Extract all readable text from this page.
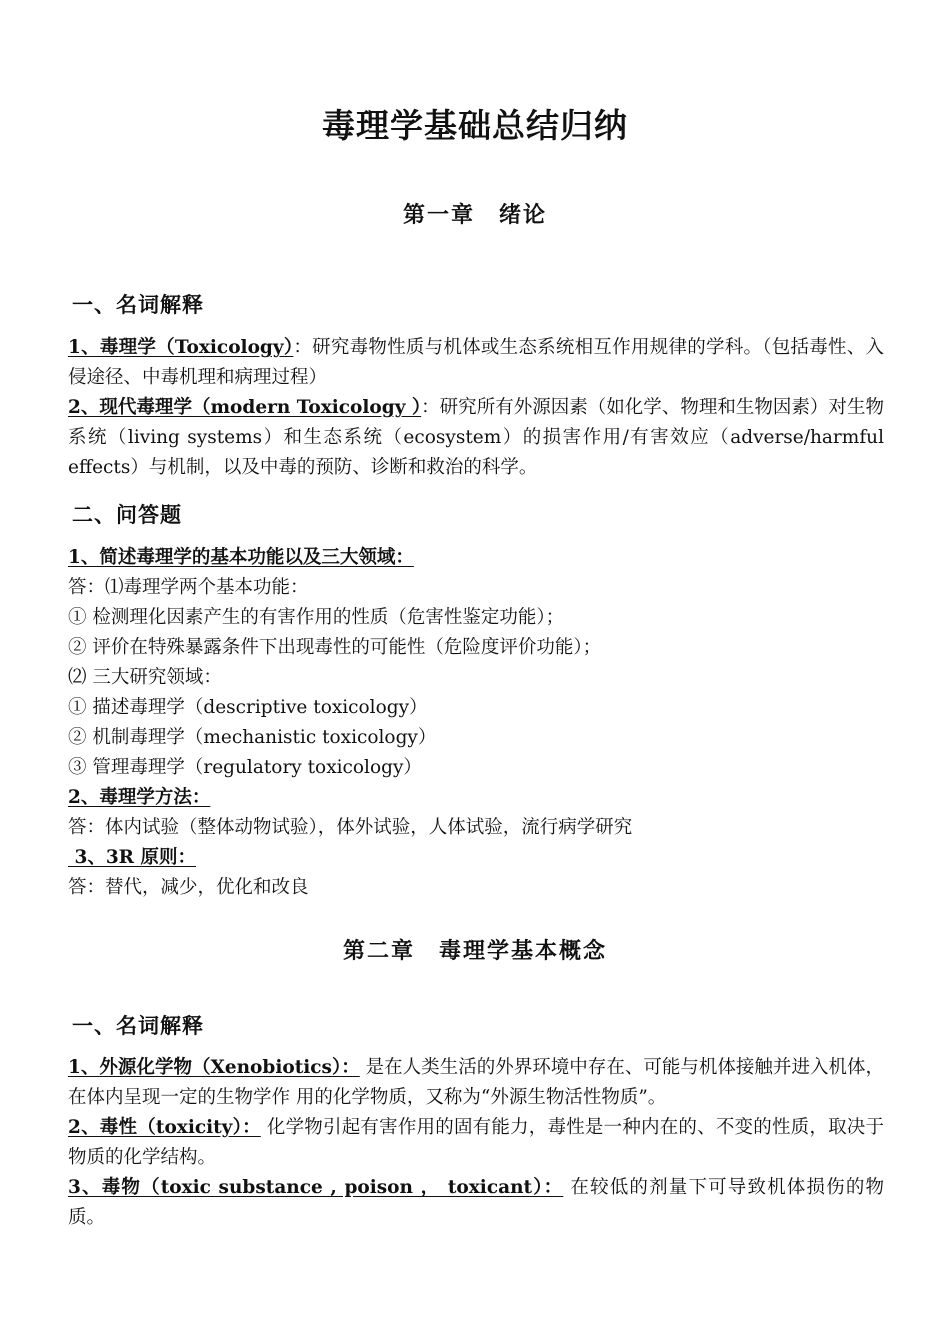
毒理学基础总结归纳
第一章　绪论
一、名词解释

1、毒理学（Toxicology）：研究毒物性质与机体或生态系统相互作用规律的学科。（包括毒性、入侵途径、中毒机理和病理过程）

2、现代毒理学（modern Toxicology ）：研究所有外源因素（如化学、物理和生物因素）对生物系统（living systems）和生态系统（ecosystem）的损害作用/有害效应（adverse/harmful effects）与机制，以及中毒的预防、诊断和救治的科学。

二、问答题

1、简述毒理学的基本功能以及三大领域：

答：⑴毒理学两个基本功能：

① 检测理化因素产生的有害作用的性质（危害性鉴定功能）；

② 评价在特殊暴露条件下出现毒性的可能性（危险度评价功能）；

⑵ 三大研究领域：

① 描述毒理学（descriptive toxicology）

② 机制毒理学（mechanistic toxicology）

③ 管理毒理学（regulatory toxicology）

2、毒理学方法：

答：体内试验（整体动物试验），体外试验，人体试验，流行病学研究

3、3R 原则：

答：替代，减少，优化和改良

第二章　毒理学基本概念
一、名词解释

1、外源化学物（Xenobiotics）： 是在人类生活的外界环境中存在、可能与机体接触并进入机体，在体内呈现一定的生物学作 用的化学物质，又称为“外源生物活性物质”。

2、毒性（toxicity）： 化学物引起有害作用的固有能力，毒性是一种内在的、不变的性质，取决于物质的化学结构。

3、毒物（toxic substance , poison ， toxicant）： 在较低的剂量下可导致机体损伤的物质。
